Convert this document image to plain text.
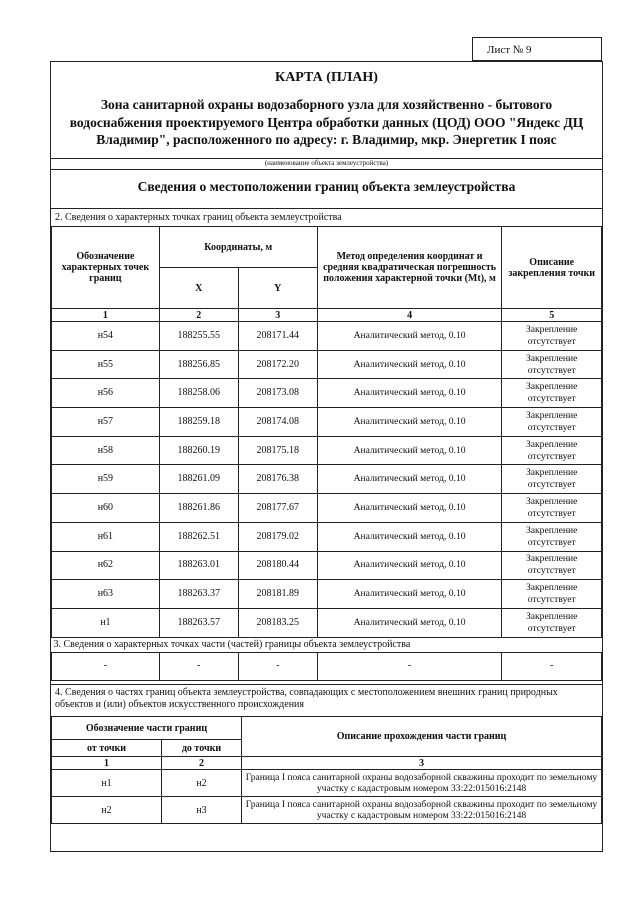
Лист № 9
КАРТА (ПЛАН)
Зона санитарной охраны водозаборного узла для хозяйственно - бытового водоснабжения проектируемого Центра обработки данных (ЦОД) ООО "Яндекс ДЦ Владимир", расположенного по адресу: г. Владимир, мкр. Энергетик I пояс
(наименование объекта землеустройства)
Сведения о местоположении границ объекта землеустройства
2. Сведения о характерных точках границ объекта землеустройства
Обозначение характерных точек границ	Координаты, м		Метод определения координат и средняя квадратическая погрешность положения характерной точки (Mt), м	Описание закрепления точки
	X	Y		
1	2	3	4	5
н54	188255.55	208171.44	Аналитический метод, 0.10	Закрепление отсутствует
н55	188256.85	208172.20	Аналитический метод, 0.10	Закрепление отсутствует
н56	188258.06	208173.08	Аналитический метод, 0.10	Закрепление отсутствует
н57	188259.18	208174.08	Аналитический метод, 0.10	Закрепление отсутствует
н58	188260.19	208175.18	Аналитический метод, 0.10	Закрепление отсутствует
н59	188261.09	208176.38	Аналитический метод, 0.10	Закрепление отсутствует
н60	188261.86	208177.67	Аналитический метод, 0.10	Закрепление отсутствует
н61	188262.51	208179.02	Аналитический метод, 0.10	Закрепление отсутствует
н62	188263.01	208180.44	Аналитический метод, 0.10	Закрепление отсутствует
н63	188263.37	208181.89	Аналитический метод, 0.10	Закрепление отсутствует
н1	188263.57	208183.25	Аналитический метод, 0.10	Закрепление отсутствует
3. Сведения о характерных точках части (частей) границы объекта землеустройства				
-	-	-	-	-
4. Сведения о частях границ объекта землеустройства, совпадающих с местоположением внешних границ природных объектов и (или) объектов искусственного происхождения
Обозначение части границ		Описание прохождения части границ
от точки	до точки	
1	2	3
н1	н2	Граница I пояса санитарной охраны водозаборной скважины проходит по земельному участку с кадастровым номером 33:22:015016:2148
н2	н3	Граница I пояса санитарной охраны водозаборной скважины проходит по земельному участку с кадастровым номером 33:22:015016:2148
